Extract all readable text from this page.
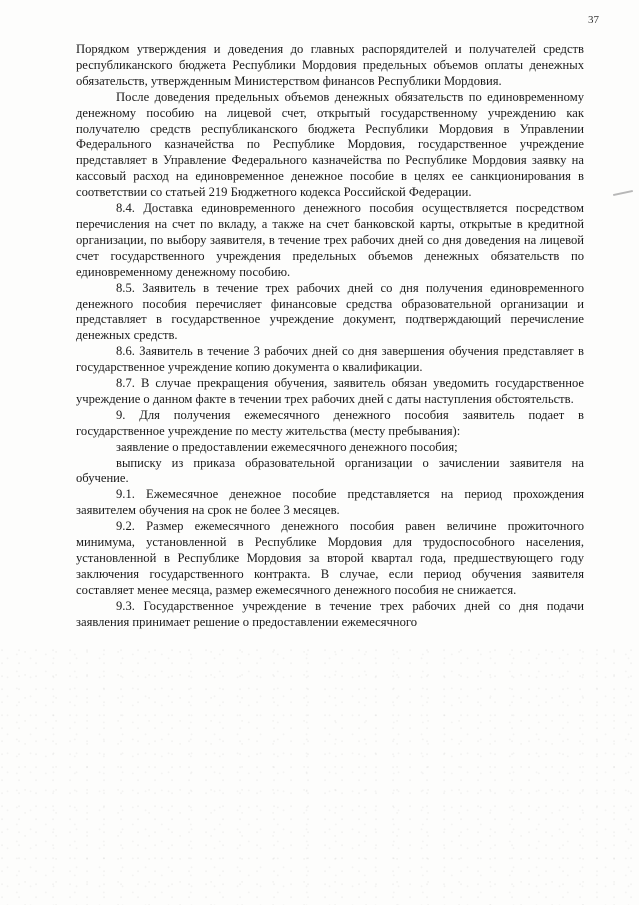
37

Порядком утверждения и доведения до главных распорядителей и получателей средств республиканского бюджета Республики Мордовия предельных объемов оплаты денежных обязательств, утвержденным Министерством финансов Республики Мордовия.

После доведения предельных объемов денежных обязательств по единовременному денежному пособию на лицевой счет, открытый государственному учреждению как получателю средств республиканского бюджета Республики Мордовия в Управлении Федерального казначейства по Республике Мордовия, государственное учреждение представляет в Управление Федерального казначейства по Республике Мордовия заявку на кассовый расход на единовременное денежное пособие в целях ее санкционирования в соответствии со статьей 219 Бюджетного кодекса Российской Федерации.

8.4. Доставка единовременного денежного пособия осуществляется посредством перечисления на счет по вкладу, а также на счет банковской карты, открытые в кредитной организации, по выбору заявителя, в течение трех рабочих дней со дня доведения на лицевой счет государственного учреждения предельных объемов денежных обязательств по единовременному денежному пособию.

8.5. Заявитель в течение трех рабочих дней со дня получения единовременного денежного пособия перечисляет финансовые средства образовательной организации и представляет в государственное учреждение документ, подтверждающий перечисление денежных средств.

8.6. Заявитель в течение 3 рабочих дней со дня завершения обучения представляет в государственное учреждение копию документа о квалификации.

8.7. В случае прекращения обучения, заявитель обязан уведомить государственное учреждение о данном факте в течении трех рабочих дней с даты наступления обстоятельств.

9. Для получения ежемесячного денежного пособия заявитель подает в государственное учреждение по месту жительства (месту пребывания):

заявление о предоставлении ежемесячного денежного пособия;

выписку из приказа образовательной организации о зачислении заявителя на обучение.

9.1. Ежемесячное денежное пособие представляется на период прохождения заявителем обучения на срок не более 3 месяцев.

9.2. Размер ежемесячного денежного пособия равен величине прожиточного минимума, установленной в Республике Мордовия для трудоспособного населения, установленной в Республике Мордовия за второй квартал года, предшествующего году заключения государственного контракта. В случае, если период обучения заявителя составляет менее месяца, размер ежемесячного денежного пособия не снижается.

9.3. Государственное учреждение в течение трех рабочих дней со дня подачи заявления принимает решение о предоставлении ежемесячного
